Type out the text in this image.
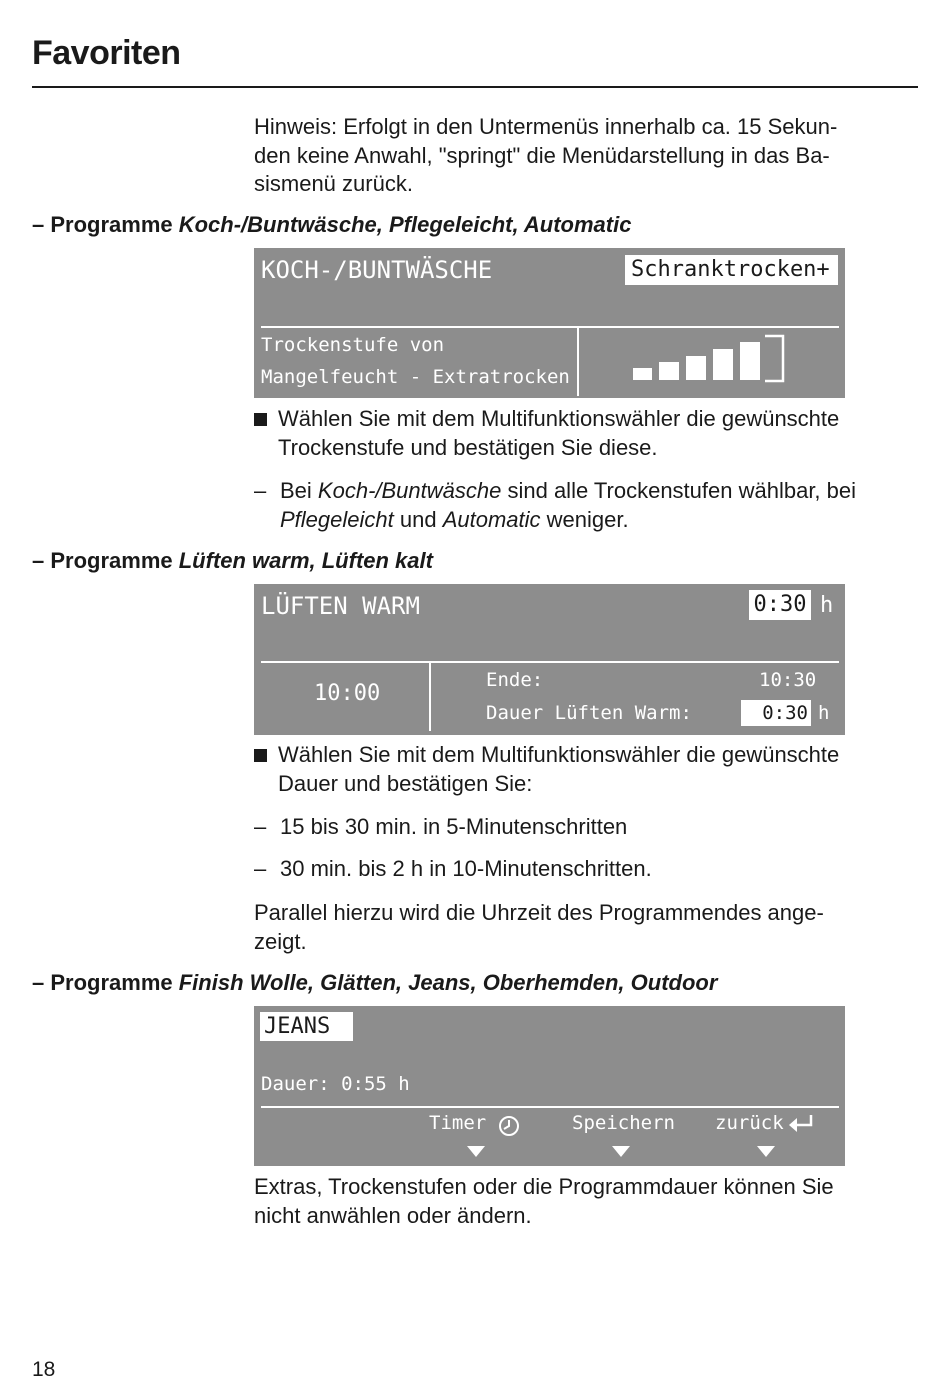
Favoriten
Hinweis: Erfolgt in den Untermenüs innerhalb ca. 15 Sekun-
den keine Anwahl, "springt" die Menüdarstellung in das Ba-
sismenü zurück.
– Programme Koch-/Buntwäsche, Pflegeleicht, Automatic
KOCH-/BUNTWÄSCHE	Schranktrocken+
Trockenstufe von
Mangelfeucht - Extratrocken
Wählen Sie mit dem Multifunktionswähler die gewünschte
Trockenstufe und bestätigen Sie diese.
– Bei Koch-/Buntwäsche sind alle Trockenstufen wählbar, bei
Pflegeleicht und Automatic weniger.
– Programme Lüften warm, Lüften kalt
LÜFTEN WARM	0:30 h
10:00
Ende:	10:30
Dauer Lüften Warm:	0:30 h
Wählen Sie mit dem Multifunktionswähler die gewünschte
Dauer und bestätigen Sie:
– 15 bis 30 min. in 5-Minutenschritten
– 30 min. bis 2 h in 10-Minutenschritten.
Parallel hierzu wird die Uhrzeit des Programmendes ange-
zeigt.
– Programme Finish Wolle, Glätten, Jeans, Oberhemden, Outdoor
JEANS
Dauer: 0:55 h
Timer	Speichern zurück
Extras, Trockenstufen oder die Programmdauer können Sie
nicht anwählen oder ändern.
18
